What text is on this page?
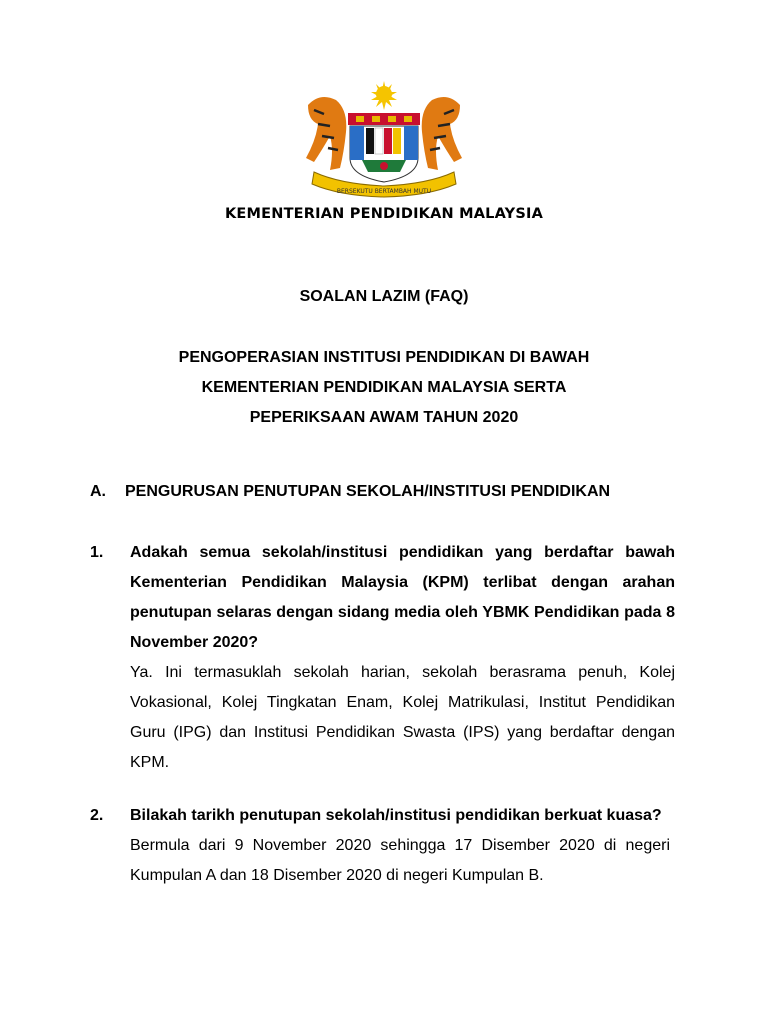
BERSEKUTU BERTAMBAH MUTU
KEMENTERIAN PENDIDIKAN MALAYSIA
SOALAN LAZIM (FAQ)
PENGOPERASIAN INSTITUSI PENDIDIKAN DI BAWAH
KEMENTERIAN PENDIDIKAN MALAYSIA SERTA
PEPERIKSAAN AWAM TAHUN 2020
A. PENGURUSAN PENUTUPAN SEKOLAH/INSTITUSI PENDIDIKAN
1. Adakah semua sekolah/institusi pendidikan yang berdaftar bawah Kementerian Pendidikan Malaysia (KPM) terlibat dengan arahan penutupan selaras dengan sidang media oleh YBMK Pendidikan pada 8 November 2020?
Ya. Ini termasuklah sekolah harian, sekolah berasrama penuh, Kolej Vokasional, Kolej Tingkatan Enam, Kolej Matrikulasi, Institut Pendidikan Guru (IPG) dan Institusi Pendidikan Swasta (IPS) yang berdaftar dengan KPM.
2. Bilakah tarikh penutupan sekolah/institusi pendidikan berkuat kuasa?
Bermula dari 9 November 2020 sehingga 17 Disember 2020 di negeri Kumpulan A dan 18 Disember 2020 di negeri Kumpulan B.
